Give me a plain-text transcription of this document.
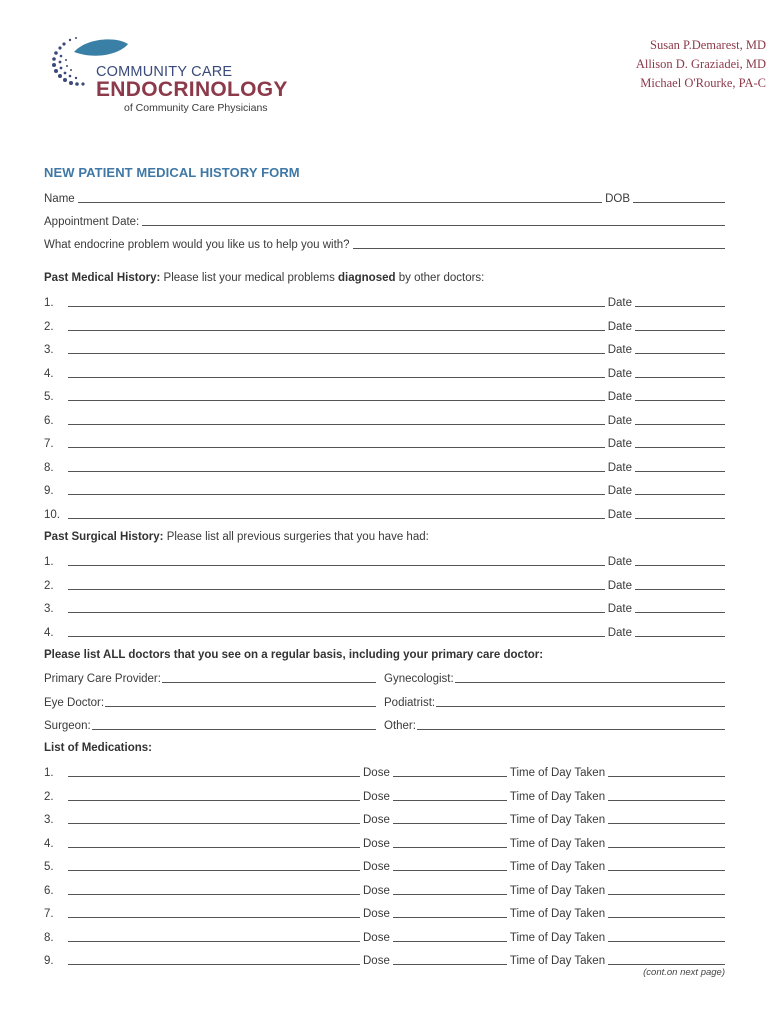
COMMUNITY CARE
ENDOCRINOLOGY
of Community Care Physicians
Susan P.Demarest, MD
Allison D. Graziadei, MD
Michael O'Rourke, PA-C
NEW PATIENT MEDICAL HISTORY FORM
Name	DOB
Appointment Date:
What endocrine problem would you like us to help you with?
Past Medical History: Please list your medical problems diagnosed by other doctors:
1.	Date
2.	Date
3.	Date
4.	Date
5.	Date
6.	Date
7.	Date
8.	Date
9.	Date
10.	Date
Past Surgical History: Please list all previous surgeries that you have had:
1.	Date
2.	Date
3.	Date
4.	Date
Please list ALL doctors that you see on a regular basis, including your primary care doctor:
Primary Care Provider:	Gynecologist:
Eye Doctor:	Podiatrist:
Surgeon:	Other:
List of Medications:
1.	Dose	Time of Day Taken
2.	Dose	Time of Day Taken
3.	Dose	Time of Day Taken
4.	Dose	Time of Day Taken
5.	Dose	Time of Day Taken
6.	Dose	Time of Day Taken
7.	Dose	Time of Day Taken
8.	Dose	Time of Day Taken
9.	Dose	Time of Day Taken
(cont.on next page)
